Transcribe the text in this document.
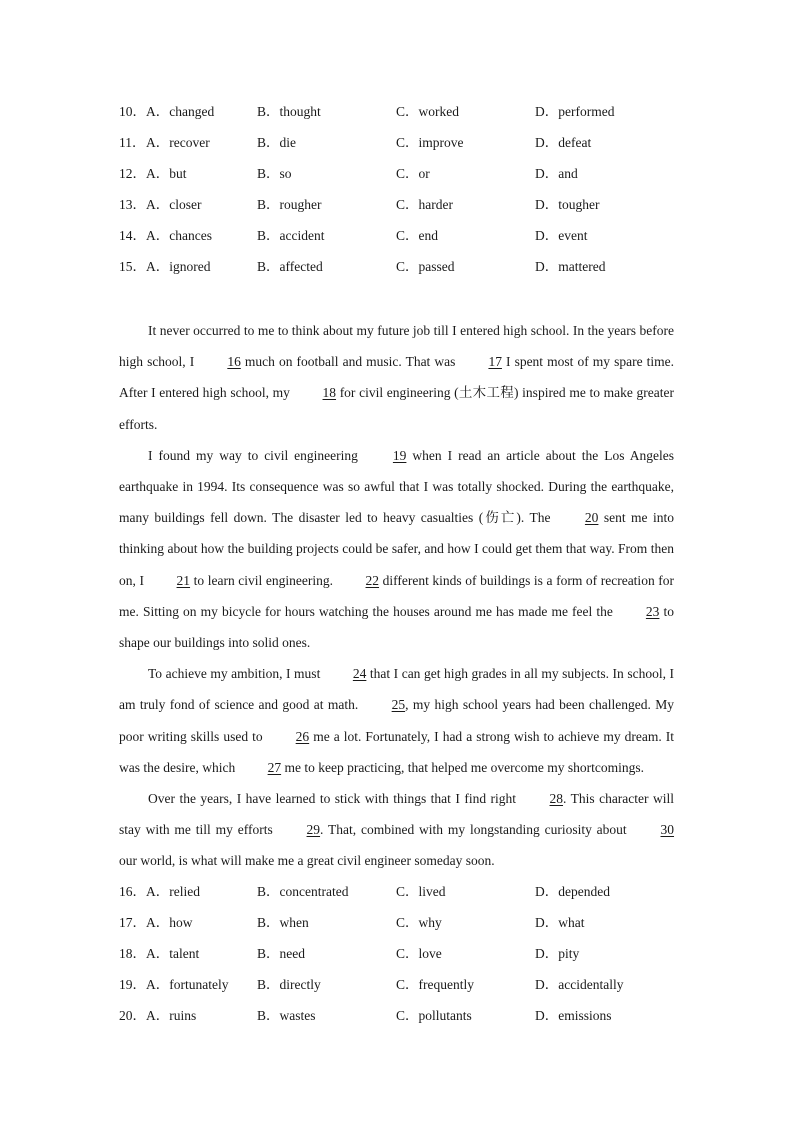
10． A．changed	B．thought	C．worked	D．performed
11． A．recover	B．die	C．improve	D．defeat
12． A．but	B．so	C．or	D．and
13． A．closer	B．rougher	C．harder	D．tougher
14． A．chances	B．accident	C．end	D．event
15． A．ignored	B．affected	C．passed	D．mattered

It never occurred to me to think about my future job till I entered high school. In the years before high school, I 16 much on football and music. That was 17 I spent most of my spare time. After I entered high school, my 18 for civil engineering (土木工程) inspired me to make greater efforts.

I found my way to civil engineering 19 when I read an article about the Los Angeles earthquake in 1994. Its consequence was so awful that I was totally shocked. During the earthquake, many buildings fell down. The disaster led to heavy casualties (伤亡). The 20 sent me into thinking about how the building projects could be safer, and how I could get them that way. From then on, I 21 to learn civil engineering. 22 different kinds of buildings is a form of recreation for me. Sitting on my bicycle for hours watching the houses around me has made me feel the 23 to shape our buildings into solid ones.

To achieve my ambition, I must 24 that I can get high grades in all my subjects. In school, I am truly fond of science and good at math. 25, my high school years had been challenged. My poor writing skills used to 26 me a lot. Fortunately, I had a strong wish to achieve my dream. It was the desire, which 27 me to keep practicing, that helped me overcome my shortcomings.

Over the years, I have learned to stick with things that I find right 28. This character will stay with me till my efforts 29. That, combined with my longstanding curiosity about 30 our world, is what will make me a great civil engineer someday soon.

16． A．relied	B．concentrated	C．lived	D．depended
17． A．how	B．when	C．why	D．what
18． A．talent	B．need	C．love	D．pity
19． A．fortunately B．directly	C．frequently	D．accidentally
20． A．ruins	B．wastes	C．pollutants	D．emissions
